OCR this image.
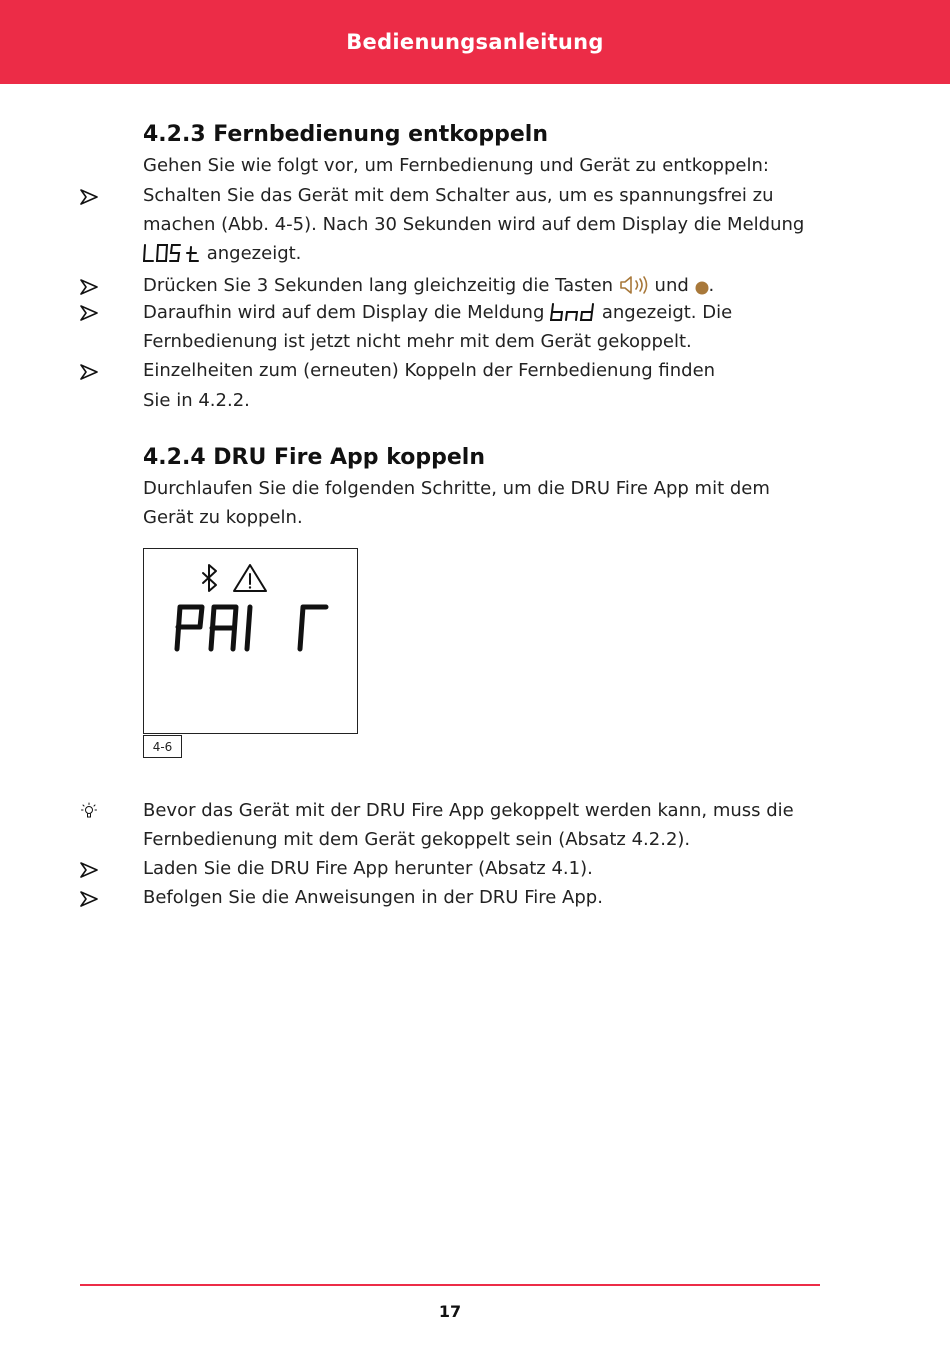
Bedienungsanleitung
4.2.3 Fernbedienung entkoppeln
Gehen Sie wie folgt vor, um Fernbedienung und Gerät zu entkoppeln:
Schalten Sie das Gerät mit dem Schalter aus, um es spannungsfrei zu
machen (Abb. 4-5). Nach 30 Sekunden wird auf dem Display die Meldung
angezeigt.
Drücken Sie 3 Sekunden lang gleichzeitig die Tasten und .
Daraufhin wird auf dem Display die Meldung	angezeigt. Die
Fernbedienung ist jetzt nicht mehr mit dem Gerät gekoppelt.
Einzelheiten zum (erneuten) Koppeln der Fernbedienung finden
Sie in 4.2.2.
4.2.4 DRU Fire App koppeln
Durchlaufen Sie die folgenden Schritte, um die DRU Fire App mit dem
Gerät zu koppeln.
4-6
Bevor das Gerät mit der DRU Fire App gekoppelt werden kann, muss die
Fernbedienung mit dem Gerät gekoppelt sein (Absatz 4.2.2).
Laden Sie die DRU Fire App herunter (Absatz 4.1).
Befolgen Sie die Anweisungen in der DRU Fire App.
17
